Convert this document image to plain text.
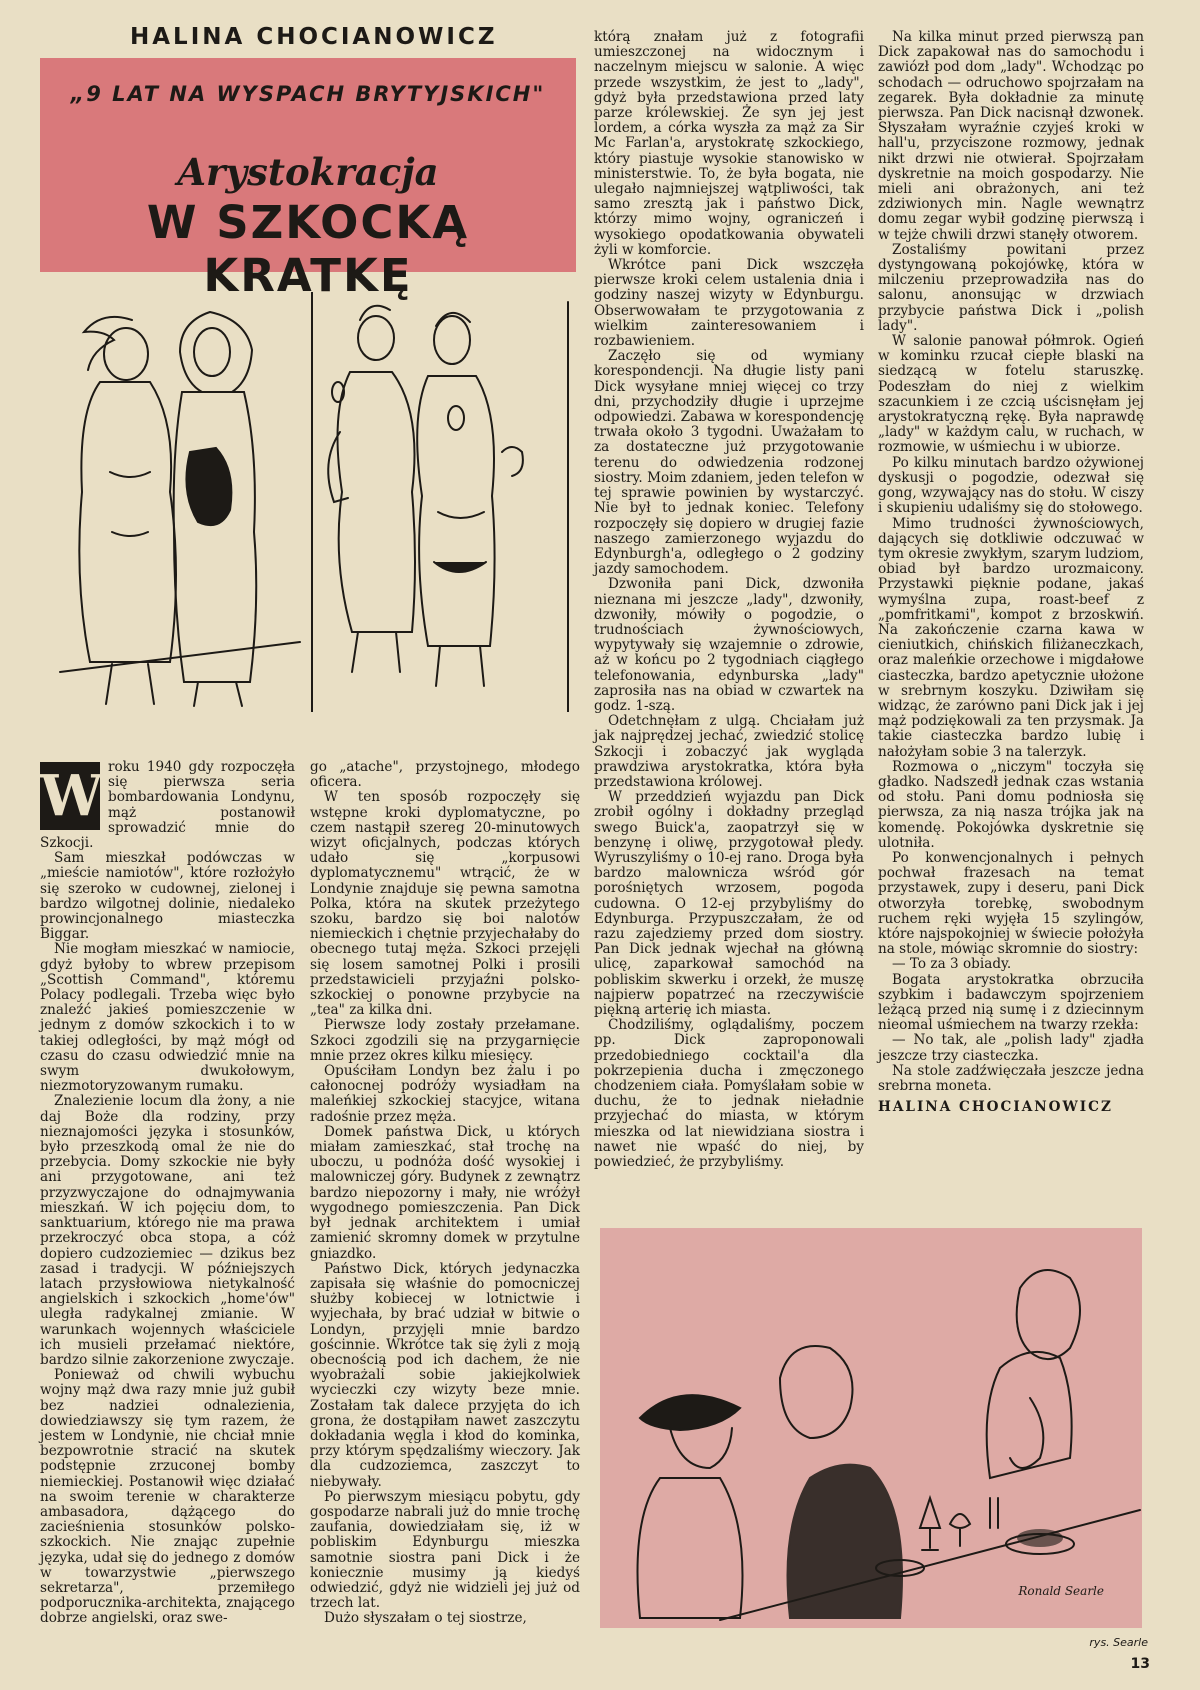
HALINA CHOCIANOWICZ
„9 LAT NA WYSPACH BRYTYJSKICH"
Arystokracja
W SZKOCKĄ KRATKĘ

W roku 1940 gdy rozpoczęła się pierwsza seria bombardowania Londynu, mąż postanowił sprowadzić mnie do Szkocji.

Sam mieszkał podówczas w „mieście namiotów", które rozłożyło się szeroko w cudownej, zielonej i bardzo wilgotnej dolinie, niedaleko prowincjonalnego miasteczka Biggar.

Nie mogłam mieszkać w namiocie, gdyż byłoby to wbrew przepisom „Scottish Command", któremu Polacy podlegali. Trzeba więc było znaleźć jakieś pomieszczenie w jednym z domów szkockich i to w takiej odległości, by mąż mógł od czasu do czasu odwiedzić mnie na swym dwukołowym, niezmotoryzowanym rumaku.

Znalezienie locum dla żony, a nie daj Boże dla rodziny, przy nieznajomości języka i stosunków, było przeszkodą omal że nie do przebycia. Domy szkockie nie były ani przygotowane, ani też przyzwyczajone do odnajmywania mieszkań. W ich pojęciu dom, to sanktuarium, którego nie ma prawa przekroczyć obca stopa, a cóż dopiero cudzoziemiec — dzikus bez zasad i tradycji. W późniejszych latach przysłowiowa nietykalność angielskich i szkockich „home'ów" uległa radykalnej zmianie. W warunkach wojennych właściciele ich musieli przełamać niektóre, bardzo silnie zakorzenione zwyczaje.

Ponieważ od chwili wybuchu wojny mąż dwa razy mnie już gubił bez nadziei odnalezienia, dowiedziawszy się tym razem, że jestem w Londynie, nie chciał mnie bezpowrotnie stracić na skutek podstępnie zrzuconej bomby niemieckiej. Postanowił więc działać na swoim terenie w charakterze ambasadora, dążącego do zacieśnienia stosunków polsko-szkockich. Nie znając zupełnie języka, udał się do jednego z domów w towarzystwie „pierwszego sekretarza", przemiłego podporucznika-architekta, znającego dobrze angielski, oraz swe-

go „atache", przystojnego, młodego oficera.

W ten sposób rozpoczęły się wstępne kroki dyplomatyczne, po czem nastąpił szereg 20-minutowych wizyt oficjalnych, podczas których udało się „korpusowi dyplomatycznemu" wtrącić, że w Londynie znajduje się pewna samotna Polka, która na skutek przeżytego szoku, bardzo się boi nalotów niemieckich i chętnie przyjechałaby do obecnego tutaj męża. Szkoci przejęli się losem samotnej Polki i prosili przedstawicieli przyjaźni polsko-szkockiej o ponowne przybycie na „tea" za kilka dni.

Pierwsze lody zostały przełamane. Szkoci zgodzili się na przygarnięcie mnie przez okres kilku miesięcy.

Opuściłam Londyn bez żalu i po całonocnej podróży wysiadłam na maleńkiej szkockiej stacyjce, witana radośnie przez męża.

Domek państwa Dick, u których miałam zamieszkać, stał trochę na uboczu, u podnóża dość wysokiej i malowniczej góry. Budynek z zewnątrz bardzo niepozorny i mały, nie wróżył wygodnego pomieszczenia. Pan Dick był jednak architektem i umiał zamienić skromny domek w przytulne gniazdko.

Państwo Dick, których jedynaczka zapisała się właśnie do pomocniczej służby kobiecej w lotnictwie i wyjechała, by brać udział w bitwie o Londyn, przyjęli mnie bardzo gościnnie. Wkrótce tak się żyli z moją obecnością pod ich dachem, że nie wyobrażali sobie jakiejkolwiek wycieczki czy wizyty beze mnie. Zostałam tak dalece przyjęta do ich grona, że dostąpiłam nawet zaszczytu dokładania węgla i kłod do kominka, przy którym spędzaliśmy wieczory. Jak dla cudzoziemca, zaszczyt to niebywały.

Po pierwszym miesiącu pobytu, gdy gospodarze nabrali już do mnie trochę zaufania, dowiedziałam się, iż w pobliskim Edynburgu mieszka samotnie siostra pani Dick i że koniecznie musimy ją kiedyś odwiedzić, gdyż nie widzieli jej już od trzech lat.

Dużo słyszałam o tej siostrze,

którą znałam już z fotografii umieszczonej na widocznym i naczelnym miejscu w salonie. A więc przede wszystkim, że jest to „lady", gdyż była przedstawiona przed laty parze królewskiej. Że syn jej jest lordem, a córka wyszła za mąż za Sir Mc Farlan'a, arystokratę szkockiego, który piastuje wysokie stanowisko w ministerstwie. To, że była bogata, nie ulegało najmniejszej wątpliwości, tak samo zresztą jak i państwo Dick, którzy mimo wojny, ograniczeń i wysokiego opodatkowania obywateli żyli w komforcie.

Wkrótce pani Dick wszczęła pierwsze kroki celem ustalenia dnia i godziny naszej wizyty w Edynburgu. Obserwowałam te przygotowania z wielkim zainteresowaniem i rozbawieniem.

Zaczęło się od wymiany korespondencji. Na długie listy pani Dick wysyłane mniej więcej co trzy dni, przychodziły długie i uprzejme odpowiedzi. Zabawa w korespondencję trwała około 3 tygodni. Uważałam to za dostateczne już przygotowanie terenu do odwiedzenia rodzonej siostry. Moim zdaniem, jeden telefon w tej sprawie powinien by wystarczyć. Nie był to jednak koniec. Telefony rozpoczęły się dopiero w drugiej fazie naszego zamierzonego wyjazdu do Edynburgh'a, odległego o 2 godziny jazdy samochodem.

Dzwoniła pani Dick, dzwoniła nieznana mi jeszcze „lady", dzwoniły, dzwoniły, mówiły o pogodzie, o trudnościach żywnościowych, wypytywały się wzajemnie o zdrowie, aż w końcu po 2 tygodniach ciągłego telefonowania, edynburska „lady" zaprosiła nas na obiad w czwartek na godz. 1-szą.

Odetchnęłam z ulgą. Chciałam już jak najprędzej jechać, zwiedzić stolicę Szkocji i zobaczyć jak wygląda prawdziwa arystokratka, która była przedstawiona królowej.

W przeddzień wyjazdu pan Dick zrobił ogólny i dokładny przegląd swego Buick'a, zaopatrzył się w benzynę i oliwę, przygotował pledy. Wyruszyliśmy o 10-ej rano. Droga była bardzo malownicza wśród gór porośniętych wrzosem, pogoda cudowna. O 12-ej przybyliśmy do Edynburga. Przypuszczałam, że od razu zajedziemy przed dom siostry. Pan Dick jednak wjechał na główną ulicę, zaparkował samochód na pobliskim skwerku i orzekł, że muszę najpierw popatrzeć na rzeczywiście piękną arterię ich miasta.

Chodziliśmy, oglądaliśmy, poczem pp. Dick zaproponowali przedobiedniego cocktail'a dla pokrzepienia ducha i zmęczonego chodzeniem ciała. Pomyślałam sobie w duchu, że to jednak nieładnie przyjechać do miasta, w którym mieszka od lat niewidziana siostra i nawet nie wpaść do niej, by powiedzieć, że przybyliśmy.

Na kilka minut przed pierwszą pan Dick zapakował nas do samochodu i zawiózł pod dom „lady". Wchodząc po schodach — odruchowo spojrzałam na zegarek. Była dokładnie za minutę pierwsza. Pan Dick nacisnął dzwonek. Słyszałam wyraźnie czyjeś kroki w hall'u, przyciszone rozmowy, jednak nikt drzwi nie otwierał. Spojrzałam dyskretnie na moich gospodarzy. Nie mieli ani obrażonych, ani też zdziwionych min. Nagle wewnątrz domu zegar wybił godzinę pierwszą i w tejże chwili drzwi stanęły otworem.

Zostaliśmy powitani przez dystyngowaną pokojówkę, która w milczeniu przeprowadziła nas do salonu, anonsując w drzwiach przybycie państwa Dick i „polish lady".

W salonie panował półmrok. Ogień w kominku rzucał ciepłe blaski na siedzącą w fotelu staruszkę. Podeszłam do niej z wielkim szacunkiem i ze czcią uścisnęłam jej arystokratyczną rękę. Była naprawdę „lady" w każdym calu, w ruchach, w rozmowie, w uśmiechu i w ubiorze.

Po kilku minutach bardzo ożywionej dyskusji o pogodzie, odezwał się gong, wzywający nas do stołu. W ciszy i skupieniu udaliśmy się do stołowego.

Mimo trudności żywnościowych, dających się dotkliwie odczuwać w tym okresie zwykłym, szarym ludziom, obiad był bardzo urozmaicony. Przystawki pięknie podane, jakaś wymyślna zupa, roast-beef z „pomfritkami", kompot z brzoskwiń. Na zakończenie czarna kawa w cieniutkich, chińskich filiżaneczkach, oraz maleńkie orzechowe i migdałowe ciasteczka, bardzo apetycznie ułożone w srebrnym koszyku. Dziwiłam się widząc, że zarówno pani Dick jak i jej mąż podziękowali za ten przysmak. Ja takie ciasteczka bardzo lubię i nałożyłam sobie 3 na talerzyk.

Rozmowa o „niczym" toczyła się gładko. Nadszedł jednak czas wstania od stołu. Pani domu podniosła się pierwsza, za nią nasza trójka jak na komendę. Pokojówka dyskretnie się ulotniła.

Po konwencjonalnych i pełnych pochwał frazesach na temat przystawek, zupy i deseru, pani Dick otworzyła torebkę, swobodnym ruchem ręki wyjęła 15 szylingów, które najspokojniej w świecie położyła na stole, mówiąc skromnie do siostry:

— To za 3 obiady.

Bogata arystokratka obrzuciła szybkim i badawczym spojrzeniem leżącą przed nią sumę i z dziecinnym nieomal uśmiechem na twarzy rzekła:

— No tak, ale „polish lady" zjadła jeszcze trzy ciasteczka.

Na stole zadźwięczała jeszcze jedna srebrna moneta.

HALINA CHOCIANOWICZ

Ronald Searle
rys. Searle
13
